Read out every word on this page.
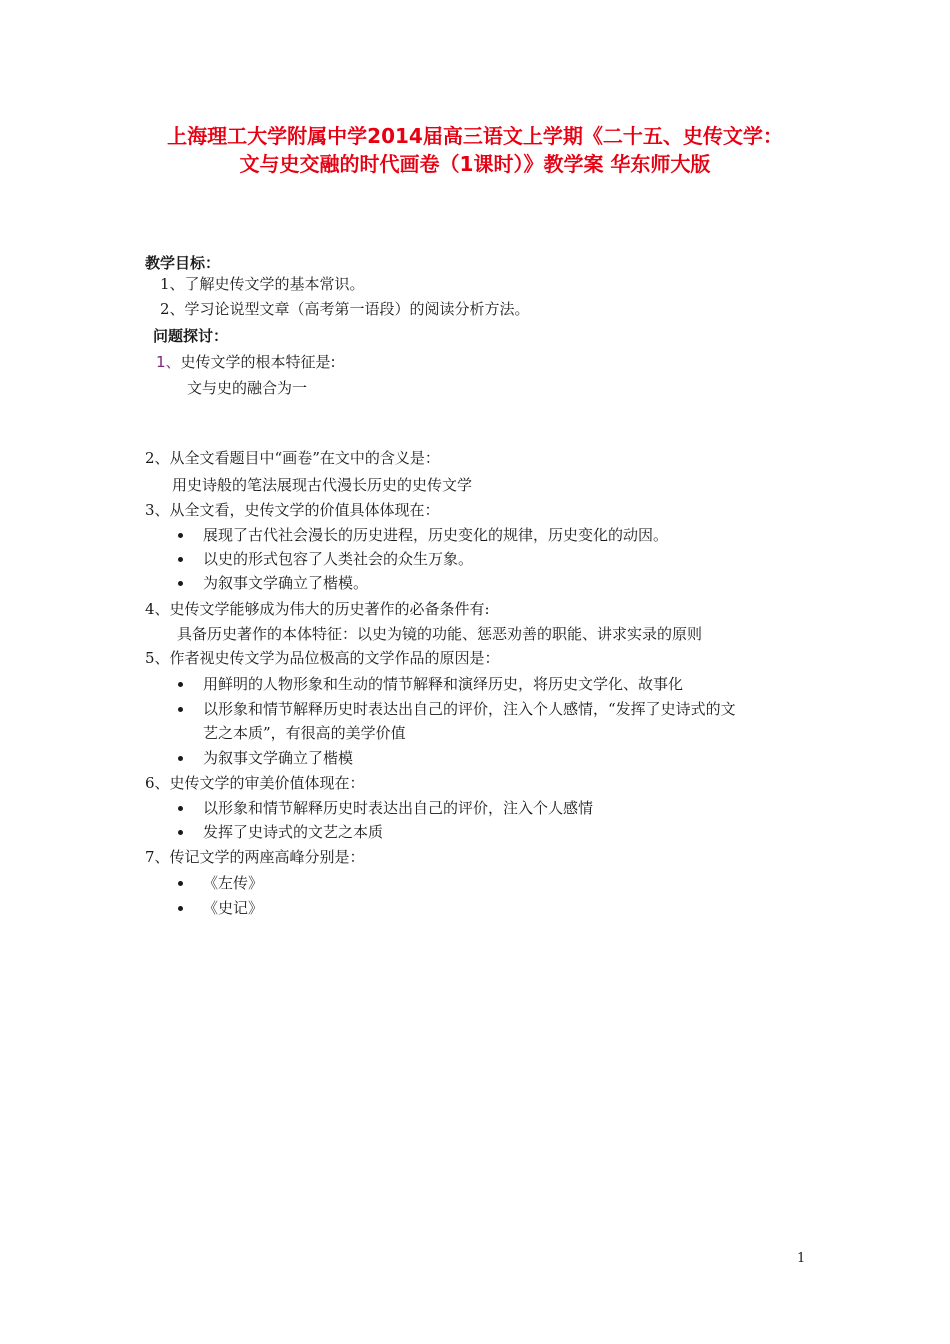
上海理工大学附属中学2014届高三语文上学期《二十五、史传文学：
文与史交融的时代画卷（1课时）》教学案 华东师大版
教学目标：
1、了解史传文学的基本常识。
2、学习论说型文章（高考第一语段）的阅读分析方法。
问题探讨：
1、史传文学的根本特征是:
文与史的融合为一
2、从全文看题目中“画卷”在文中的含义是：
用史诗般的笔法展现古代漫长历史的史传文学
3、从全文看，史传文学的价值具体体现在：
展现了古代社会漫长的历史进程，历史变化的规律，历史变化的动因。
以史的形式包容了人类社会的众生万象。
为叙事文学确立了楷模。
4、史传文学能够成为伟大的历史著作的必备条件有:
具备历史著作的本体特征：以史为镜的功能、惩恶劝善的职能、讲求实录的原则
5、作者视史传文学为品位极高的文学作品的原因是：
用鲜明的人物形象和生动的情节解释和演绎历史，将历史文学化、故事化
以形象和情节解释历史时表达出自己的评价，注入个人感情，“发挥了史诗式的文
艺之本质”，有很高的美学价值
为叙事文学确立了楷模
6、史传文学的审美价值体现在：
以形象和情节解释历史时表达出自己的评价，注入个人感情
发挥了史诗式的文艺之本质
7、传记文学的两座高峰分别是：
《左传》
《史记》
1
